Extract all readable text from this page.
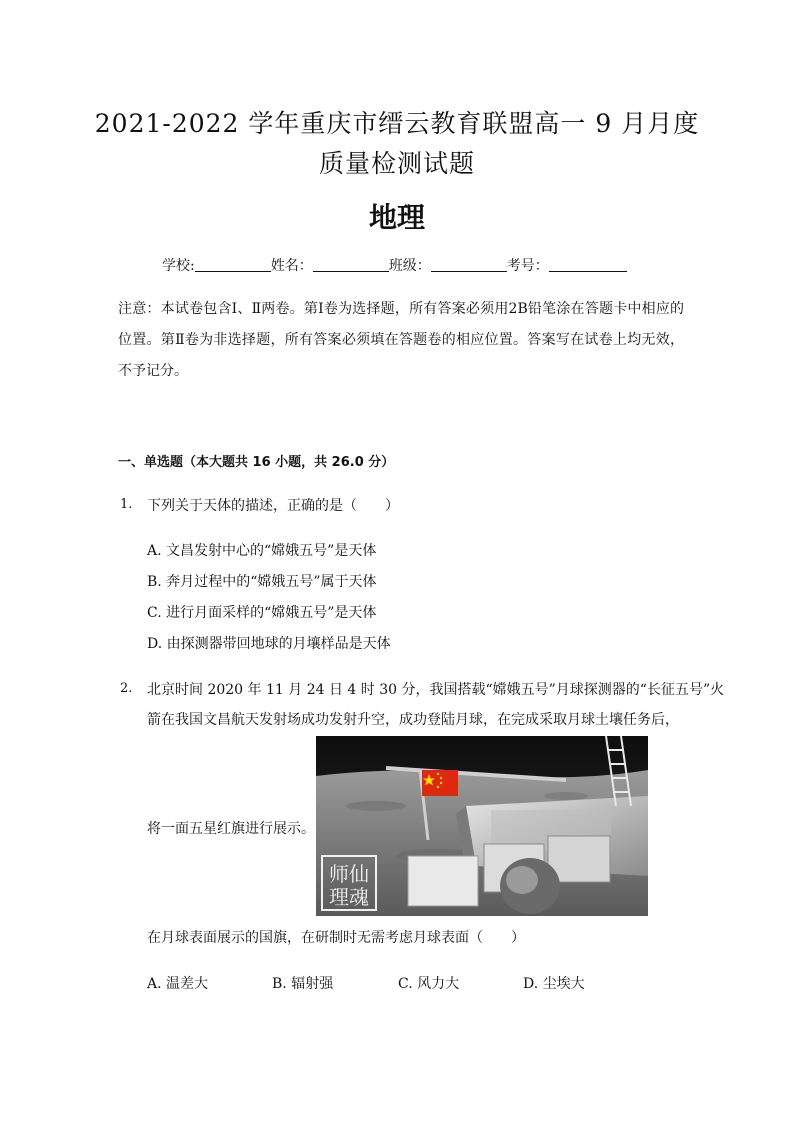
2021-2022 学年重庆市缙云教育联盟高一 9 月月度
质量检测试题
地理
学校:	姓名：	班级：	考号：
注意：本试卷包含Ⅰ、Ⅱ两卷。第Ⅰ卷为选择题，所有答案必须用2B铅笔涂在答题卡中相应的位置。第Ⅱ卷为非选择题，所有答案必须填在答题卷的相应位置。答案写在试卷上均无效，不予记分。
一、单选题（本大题共 16 小题，共 26.0 分）
1. 下列关于天体的描述，正确的是（　　）
A. 文昌发射中心的“嫦娥五号”是天体
B. 奔月过程中的“嫦娥五号”属于天体
C. 进行月面采样的“嫦娥五号”是天体
D. 由探测器带回地球的月壤样品是天体
2. 北京时间 2020 年 11 月 24 日 4 时 30 分，我国搭载“嫦娥五号”月球探测器的“长征五号”火
箭在我国文昌航天发射场成功发射升空，成功登陆月球，在完成采取月球土壤任务后，
将一面五星红旗进行展示。
师仙
理魂
在月球表面展示的国旗，在研制时无需考虑月球表面（　　）
A. 温差大	B. 辐射强	C. 风力大	D. 尘埃大
